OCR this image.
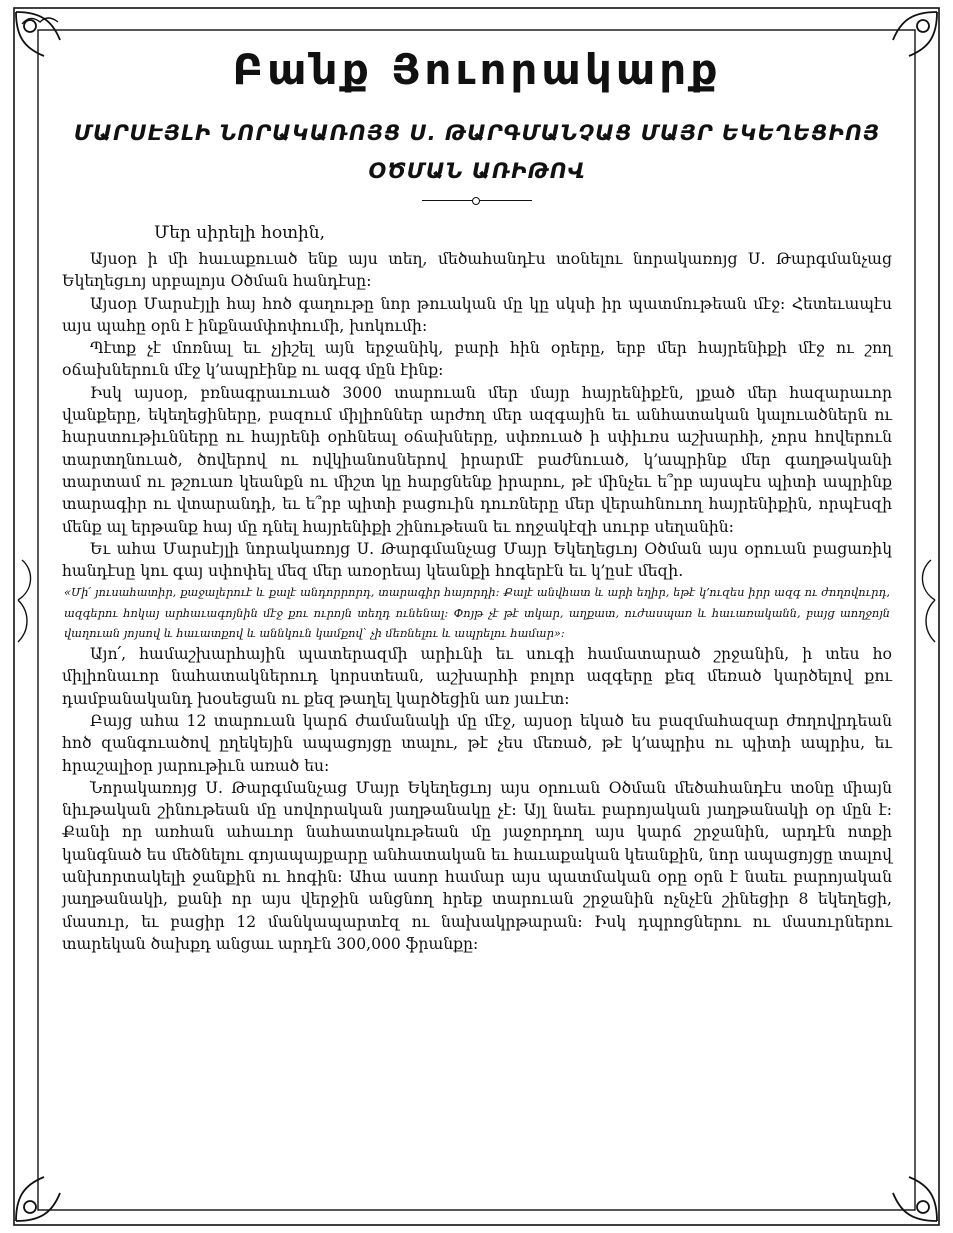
Բանք Յուորակարք
ՄԱՐՍԷՅԼԻ ՆՈՐԱԿԱՌՈՅՑ Ս. ԹԱՐԳՄԱՆՉԱՑ ՄԱՅՐ ԵԿԵՂԵՑԻՈՅ
ՕԾՄԱՆ ԱՌԻԹՈՎ
Մեր սիրելի հօտին,

Այսօր ի մի հաւաքուած ենք այս տեղ, մեծահանդէս տօնելու նորակառոյց Ս. Թարգմանչաց Եկեղեցւոյ սրբալոյս Օծման հանդէսը:

Այսօր Մարսէյլի հայ հոծ գաղութը նոր թուական մը կը սկսի իր պատմութեան մէջ: Հետեւապէս այս պահը օրն է ինքնամփոփումի, խոկումի:

Պէտք չէ մոռնալ եւ չյիշել այն երջանիկ, բարի հին օրերը, երբ մեր հայրենիքի մէջ ու շող օճախներուն մէջ կ՚ապրէինք ու ազգ մըն էինք:

Իսկ այսօր, բռնագրաւուած 3000 տարուան մեր մայր հայրենիքէն, լքած մեր հազարաւոր վանքերը, եկեղեցիները, բազում միլիոններ արժող մեր ազգային եւ անհատական կալուածներն ու հարստութիւնները ու հայրենի օրհնեալ օճախները, սփռուած ի սփիւռս աշխարհի, չորս հովերուն տարտղնուած, ծովերով ու ովկիանոսներով իրարմէ բաժնուած, կ՚ապրինք մեր գաղթականի տարտամ ու թշուառ կեանքն ու միշտ կը հարցնենք իրարու, թէ մինչեւ ե՞րբ այսպէս պիտի ապրինք տարագիր ու վտարանդի, եւ ե՞րբ պիտի բացուին դուռները մեր վերահնուող հայրենիքին, որպէսզի մենք ալ երթանք հայ մը դնել հայրենիքի շինութեան եւ ողջակէզի սուրբ սեղանին:

Եւ ահա Մարսէյլի նորակառոյց Ս. Թարգմանչաց Մայր Եկեղեցւոյ Օծման այս օրուան բացառիկ հանդէսը կու գայ սփոփել մեզ մեր առօրեայ կեանքի հոգերէն եւ կ՚ըսէ մեզի.

«Մի՛ յուսահատիր, քաջալերուէ և քալէ անդորրորդ, տարագիր հայորդի: Քալէ անվհատ և արի եղիր, եթէ կ՚ուզես իրր ազգ ու ժողովուրդ, ազգերու հոկայ արհաւագոյնին մէջ քու ուրոյն տեղդ ունենալ: Փոյթ չէ թէ տկար, աղքատ, ուժասպառ և հաւառականն, բայց աողջոյն վաղուան յոյսով և հաւատքով և աննկուն կամքով՝ չի մեռնելու և ապրելու համար»:

Այո՛, համաշխարհային պատերազմի արիւնի եւ սուգի համատարած շրջանին, ի տես հօ միլիոնաւոր նահատակներուդ կորստեան, աշխարհի բոլոր ազգերը քեզ մեռած կարծելով քու դամբանականդ խօսեցան ու քեզ թաղել կարծեցին առ յաւէտ:

Բայց ահա 12 տարուան կարճ ժամանակի մը մէջ, այսօր եկած ես բազմահազար ժողովրդեան հոծ զանգուածով ըղեկեյին ապացոյցը տալու, թէ չես մեռած, թէ կ՚ապրիս ու պիտի ապրիս, եւ հրաշալիօր յարութիւն առած ես:

Նորակառոյց Ս. Թարգմանչաց Մայր Եկեղեցւոյ այս օրուան Օծման մեծահանդէս տօնը միայն նիւթական շինութեան մը սովորական յաղթանակը չէ: Այլ նաեւ բարոյական յաղթանակի օր մըն է: Քանի որ առհան ահաւոր նահատակութեան մը յաջորդող այս կարճ շրջանին, արդէն ոտքի կանգնած ես մեծնելու գոյապայքարը անհատական եւ հաւաքական կեանքին, նոր ապացոյցը տալով անխորտակելի ջանքին ու հոգին: Ահա ասոր համար այս պատմական օրը օրն է նաեւ բարոյական յաղթանակի, քանի որ այս վերջին անցնող հրեք տարուան շրջանին ոչնչէն շինեցիր 8 եկեղեցի, մասուր, եւ բացիր 12 մանկապարտէզ ու նախակրթարան: Իսկ դպրոցներու ու մասուրներու տարեկան ծախքդ անցաւ արդէն 300,000 ֆրանքը:
